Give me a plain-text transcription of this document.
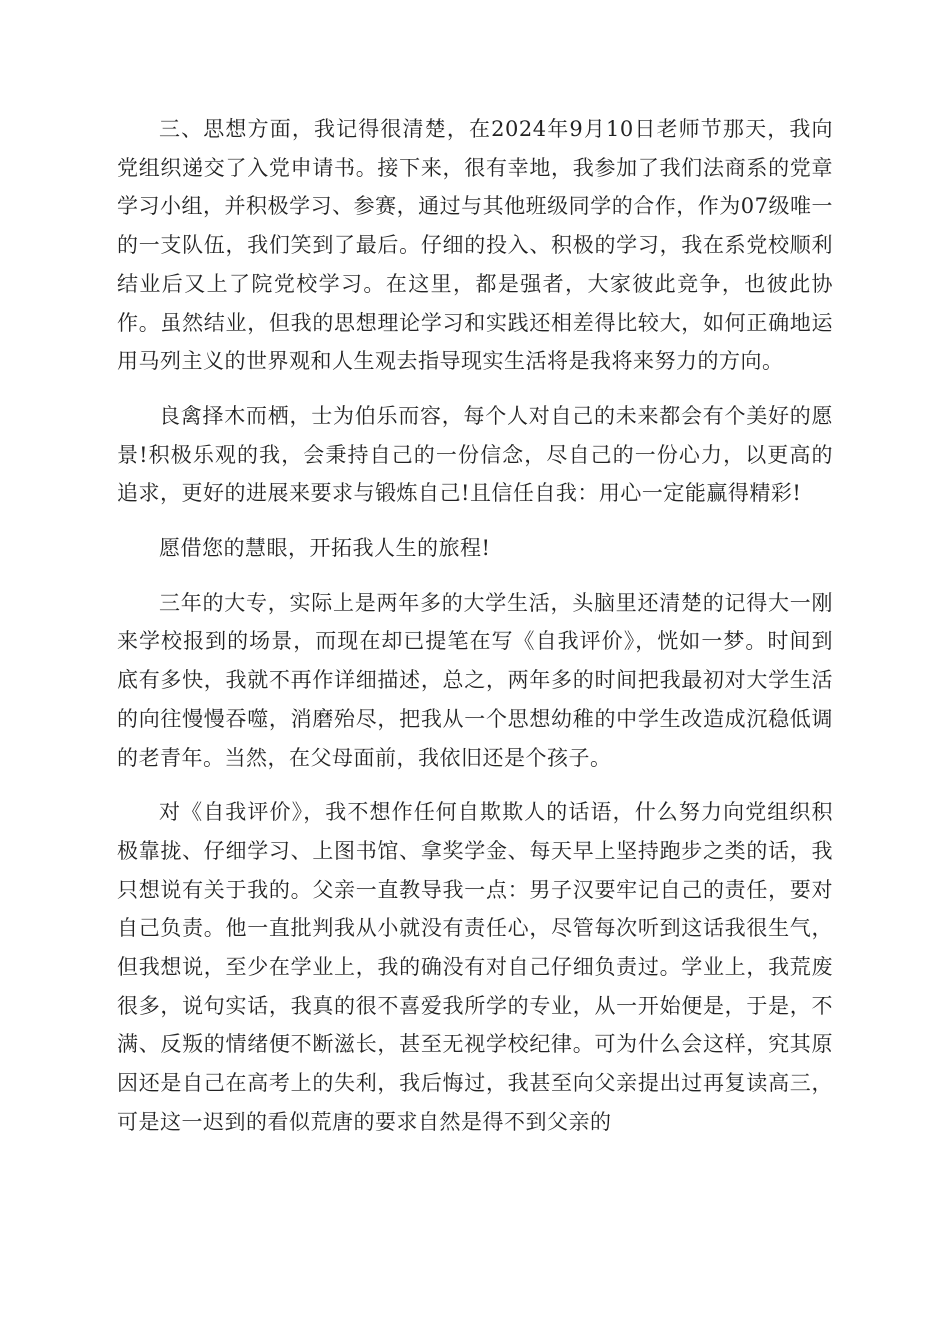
三、思想方面，我记得很清楚，在2024年9月10日老师节那天，我向党组织递交了入党申请书。接下来，很有幸地，我参加了我们法商系的党章学习小组，并积极学习、参赛，通过与其他班级同学的合作，作为07级唯一的一支队伍，我们笑到了最后。仔细的投入、积极的学习，我在系党校顺利结业后又上了院党校学习。在这里，都是强者，大家彼此竞争，也彼此协作。虽然结业，但我的思想理论学习和实践还相差得比较大，如何正确地运用马列主义的世界观和人生观去指导现实生活将是我将来努力的方向。

良禽择木而栖，士为伯乐而容，每个人对自己的未来都会有个美好的愿景!积极乐观的我，会秉持自己的一份信念，尽自己的一份心力，以更高的追求，更好的进展来要求与锻炼自己!且信任自我：用心一定能赢得精彩!

愿借您的慧眼，开拓我人生的旅程!

三年的大专，实际上是两年多的大学生活，头脑里还清楚的记得大一刚来学校报到的场景，而现在却已提笔在写《自我评价》，恍如一梦。时间到底有多快，我就不再作详细描述，总之，两年多的时间把我最初对大学生活的向往慢慢吞噬，消磨殆尽，把我从一个思想幼稚的中学生改造成沉稳低调的老青年。当然，在父母面前，我依旧还是个孩子。

对《自我评价》，我不想作任何自欺欺人的话语，什么努力向党组织积极靠拢、仔细学习、上图书馆、拿奖学金、每天早上坚持跑步之类的话，我只想说有关于我的。父亲一直教导我一点：男子汉要牢记自己的责任，要对自己负责。他一直批判我从小就没有责任心，尽管每次听到这话我很生气，但我想说，至少在学业上，我的确没有对自己仔细负责过。学业上，我荒废很多，说句实话，我真的很不喜爱我所学的专业，从一开始便是，于是，不满、反叛的情绪便不断滋长，甚至无视学校纪律。可为什么会这样，究其原因还是自己在高考上的失利，我后悔过，我甚至向父亲提出过再复读高三，可是这一迟到的看似荒唐的要求自然是得不到父亲的
